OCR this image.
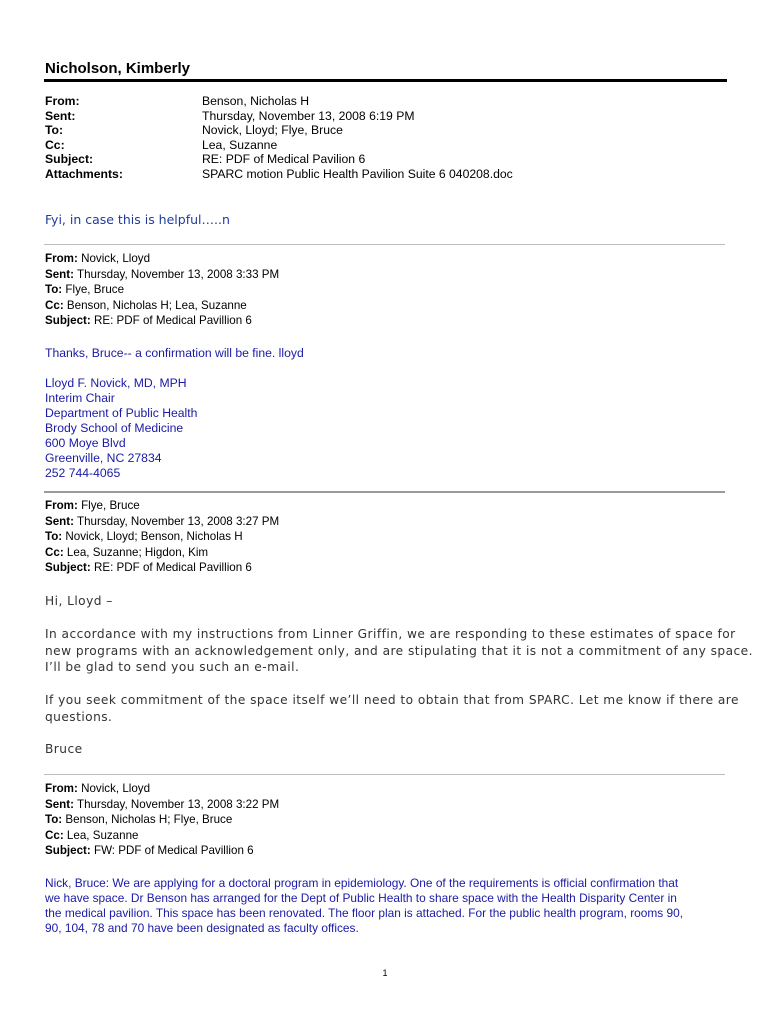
Nicholson, Kimberly
From:	Benson, Nicholas H
Sent:	Thursday, November 13, 2008 6:19 PM
To:	Novick, Lloyd; Flye, Bruce
Cc:	Lea, Suzanne
Subject:	RE: PDF of Medical Pavilion 6
Attachments:	SPARC motion Public Health Pavilion Suite 6 040208.doc
Fyi, in case this is helpful…..n
From: Novick, Lloyd
Sent: Thursday, November 13, 2008 3:33 PM
To: Flye, Bruce
Cc: Benson, Nicholas H; Lea, Suzanne
Subject: RE: PDF of Medical Pavillion 6
Thanks, Bruce-- a confirmation will be fine. lloyd
Lloyd F. Novick, MD, MPH
Interim Chair
Department of Public Health
Brody School of Medicine
600 Moye Blvd
Greenville, NC 27834
252 744-4065
From: Flye, Bruce
Sent: Thursday, November 13, 2008 3:27 PM
To: Novick, Lloyd; Benson, Nicholas H
Cc: Lea, Suzanne; Higdon, Kim
Subject: RE: PDF of Medical Pavillion 6
Hi, Lloyd –
In accordance with my instructions from Linner Griffin, we are responding to these estimates of space for
new programs with an acknowledgement only, and are stipulating that it is not a commitment of any space.
I’ll be glad to send you such an e-mail.
If you seek commitment of the space itself we’ll need to obtain that from SPARC. Let me know if there are
questions.
Bruce
From: Novick, Lloyd
Sent: Thursday, November 13, 2008 3:22 PM
To: Benson, Nicholas H; Flye, Bruce
Cc: Lea, Suzanne
Subject: FW: PDF of Medical Pavillion 6
Nick, Bruce: We are applying for a doctoral program in epidemiology. One of the requirements is official confirmation that
we have space. Dr Benson has arranged for the Dept of Public Health to share space with the Health Disparity Center in
the medical pavilion. This space has been renovated. The floor plan is attached. For the public health program, rooms 90,
90, 104, 78 and 70 have been designated as faculty offices.
1
